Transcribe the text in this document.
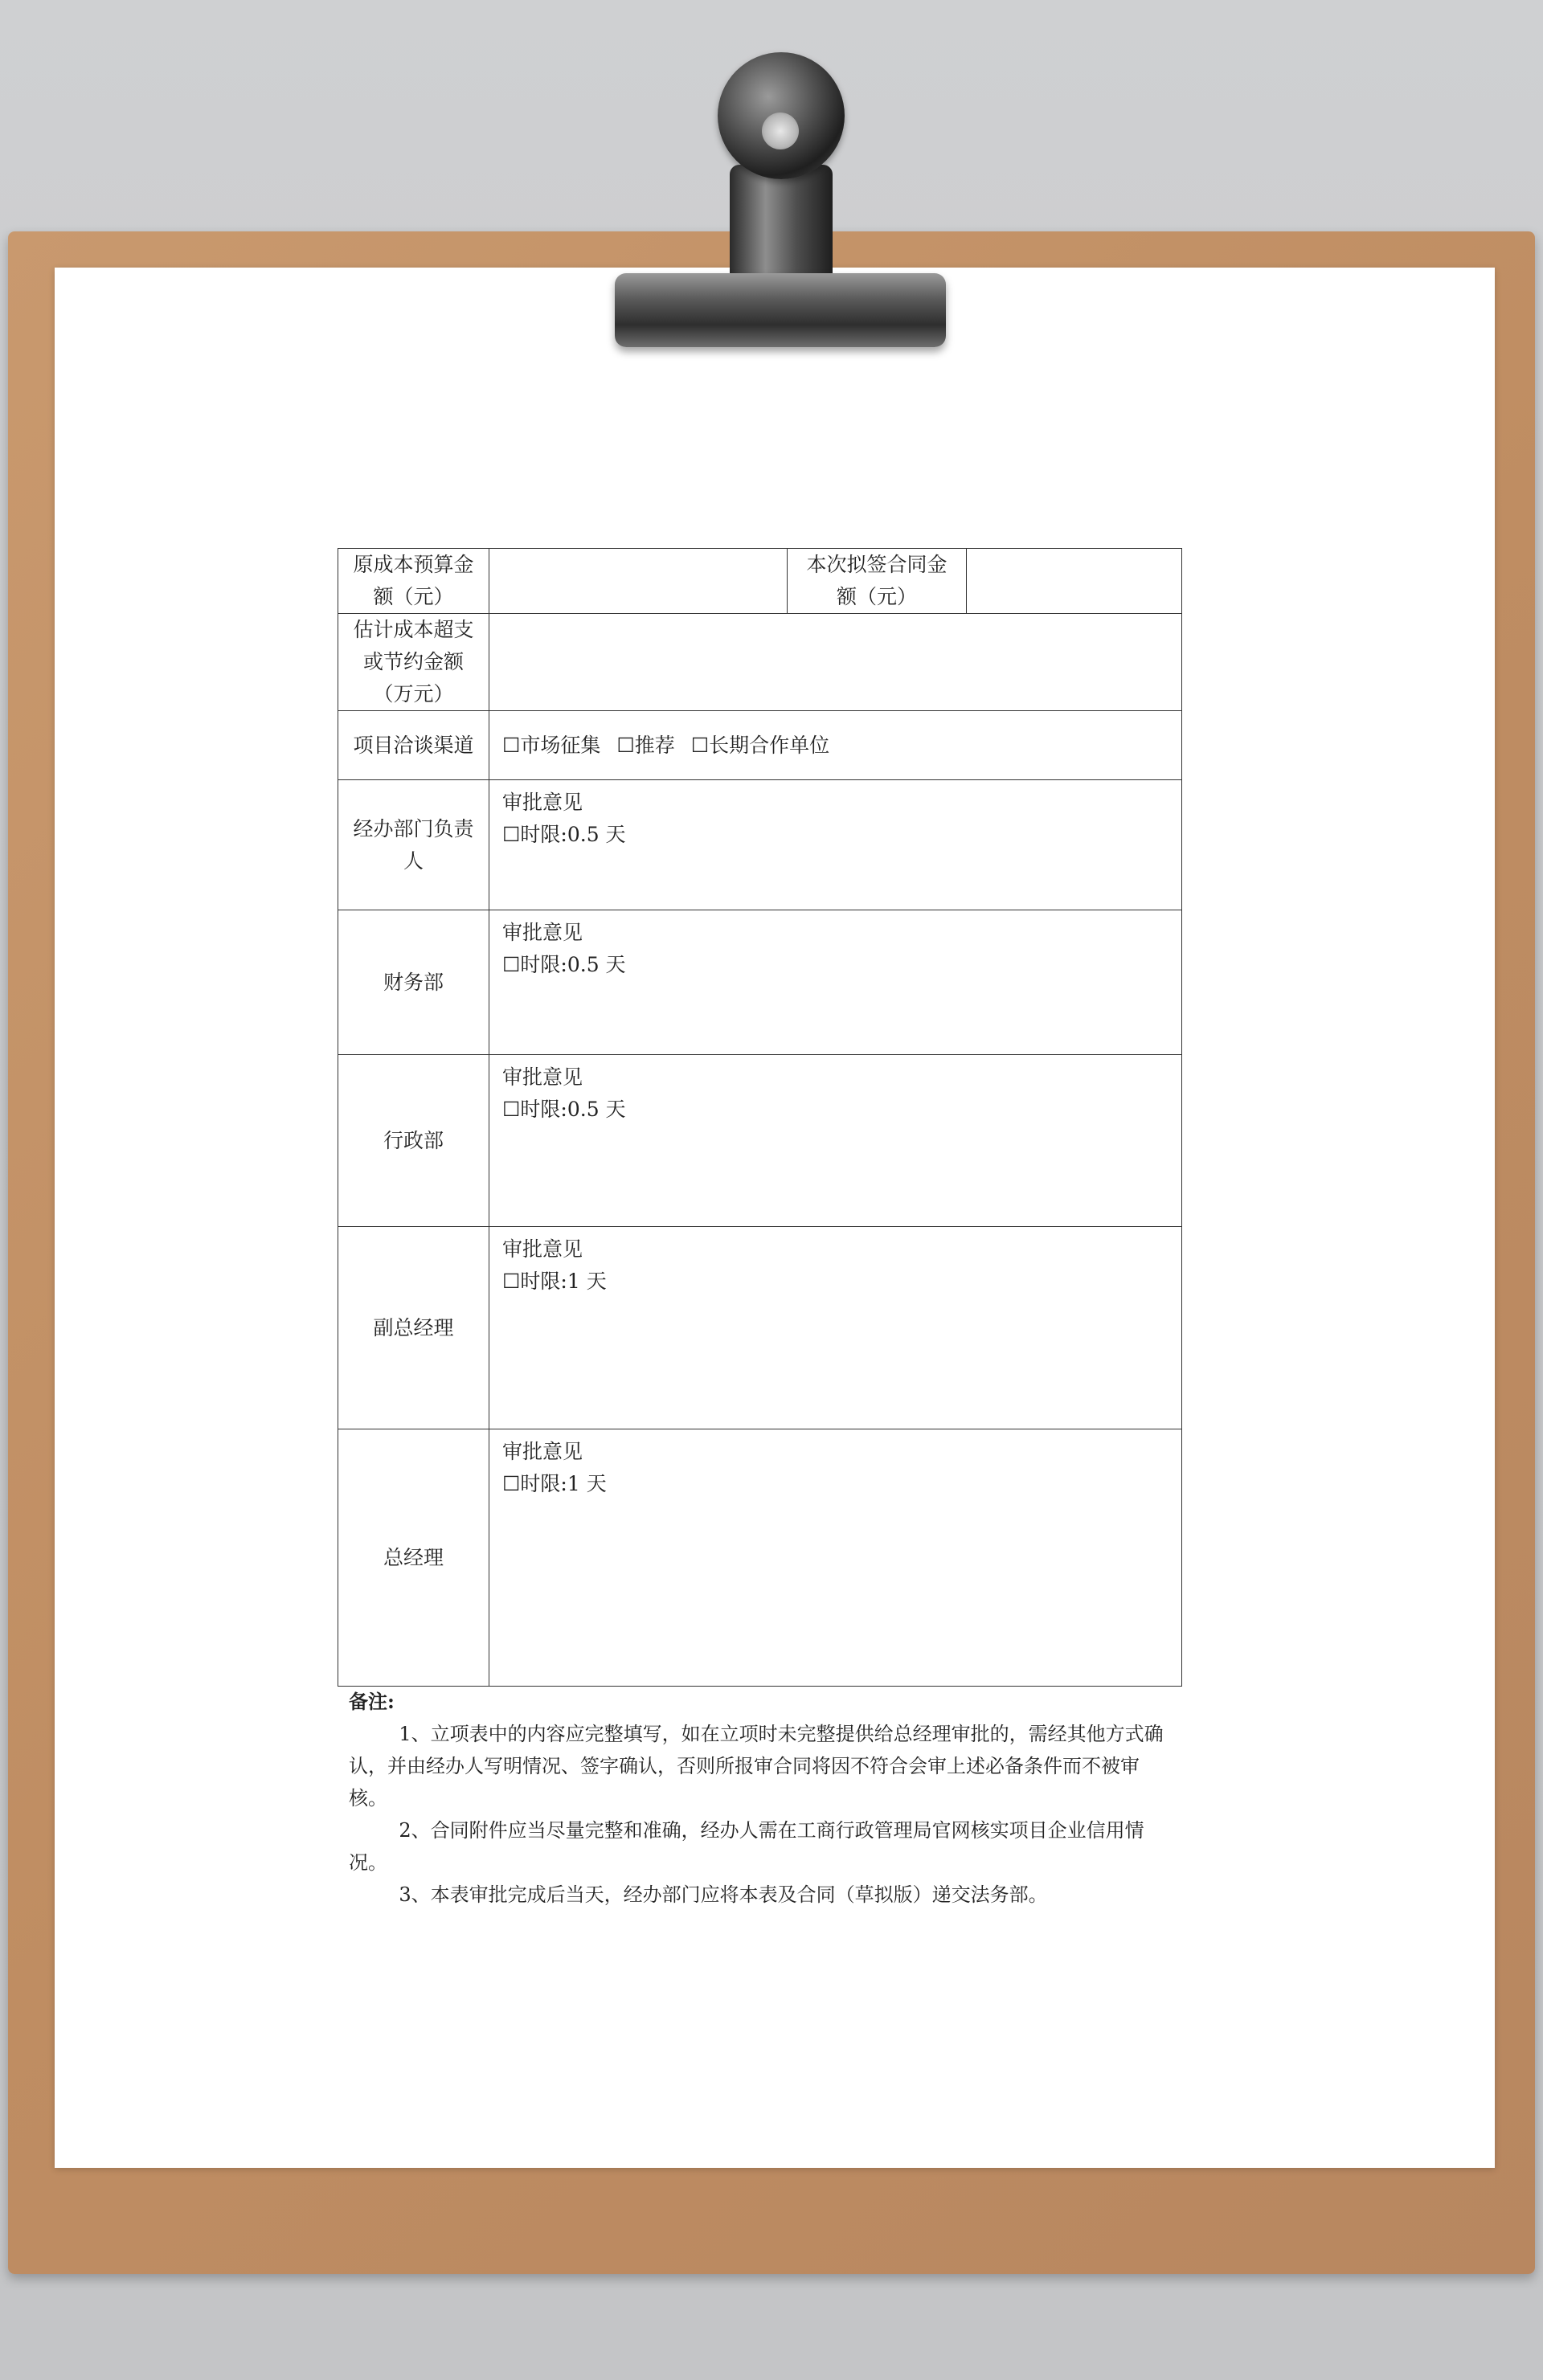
原成本预算金额（元）		本次拟签合同金额（元）	
估计成本超支或节约金额（万元）			
项目洽谈渠道	☐市场征集 ☐推荐 ☐长期合作单位		
经办部门负责人	审批意见
☐时限:0.5 天		

财务部	审批意见
☐时限:0.5 天		

行政部	审批意见
☐时限:0.5 天		

副总经理	审批意见
☐时限:1 天		

总经理	审批意见
☐时限:1 天		
备注:

1、立项表中的内容应完整填写，如在立项时未完整提供给总经理审批的，需经其他方式确认，并由经办人写明情况、签字确认，否则所报审合同将因不符合会审上述必备条件而不被审核。

2、合同附件应当尽量完整和准确，经办人需在工商行政管理局官网核实项目企业信用情况。

3、本表审批完成后当天，经办部门应将本表及合同（草拟版）递交法务部。
